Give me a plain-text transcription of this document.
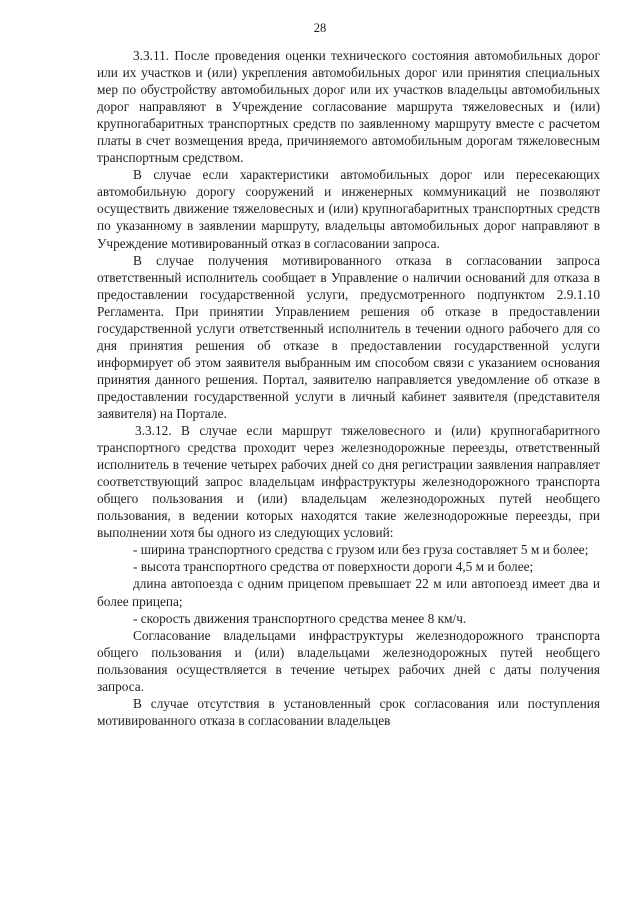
28

3.3.11. После проведения оценки технического состояния автомобильных дорог или их участков и (или) укрепления автомобильных дорог или принятия специальных мер по обустройству автомобильных дорог или их участков владельцы автомобильных дорог направляют в Учреждение согласование маршрута тяжеловесных и (или) крупногабаритных транспортных средств по заявленному маршруту вместе с расчетом платы в счет возмещения вреда, причиняемого автомобильным дорогам тяжеловесным транспортным средством.

В случае если характеристики автомобильных дорог или пересекающих автомобильную дорогу сооружений и инженерных коммуникаций не позволяют осуществить движение тяжеловесных и (или) крупногабаритных транспортных средств по указанному в заявлении маршруту, владельцы автомобильных дорог направляют в Учреждение мотивированный отказ в согласовании запроса.

В случае получения мотивированного отказа в согласовании запроса ответственный исполнитель сообщает в Управление о наличии оснований для отказа в предоставлении государственной услуги, предусмотренного подпунктом 2.9.1.10 Регламента. При принятии Управлением решения об отказе в предоставлении государственной услуги ответственный исполнитель в течении одного рабочего для со дня принятия решения об отказе в предоставлении государственной услуги информирует об этом заявителя выбранным им способом связи с указанием основания принятия данного решения. Портал, заявителю направляется уведомление об отказе в предоставлении государственной услуги в личный кабинет заявителя (представителя заявителя) на Портале.

3.3.12. В случае если маршрут тяжеловесного и (или) крупногабаритного транспортного средства проходит через железнодорожные переезды, ответственный исполнитель в течение четырех рабочих дней со дня регистрации заявления направляет соответствующий запрос владельцам инфраструктуры железнодорожного транспорта общего пользования и (или) владельцам железнодорожных путей необщего пользования, в ведении которых находятся такие железнодорожные переезды, при выполнении хотя бы одного из следующих условий:

- ширина транспортного средства с грузом или без груза составляет 5 м и более;

- высота транспортного средства от поверхности дороги 4,5 м и более;

длина автопоезда с одним прицепом превышает 22 м или автопоезд имеет два и более прицепа;

- скорость движения транспортного средства менее 8 км/ч.

Согласование владельцами инфраструктуры железнодорожного транспорта общего пользования и (или) владельцами железнодорожных путей необщего пользования осуществляется в течение четырех рабочих дней с даты получения запроса.

В случае отсутствия в установленный срок согласования или поступления мотивированного отказа в согласовании владельцев
